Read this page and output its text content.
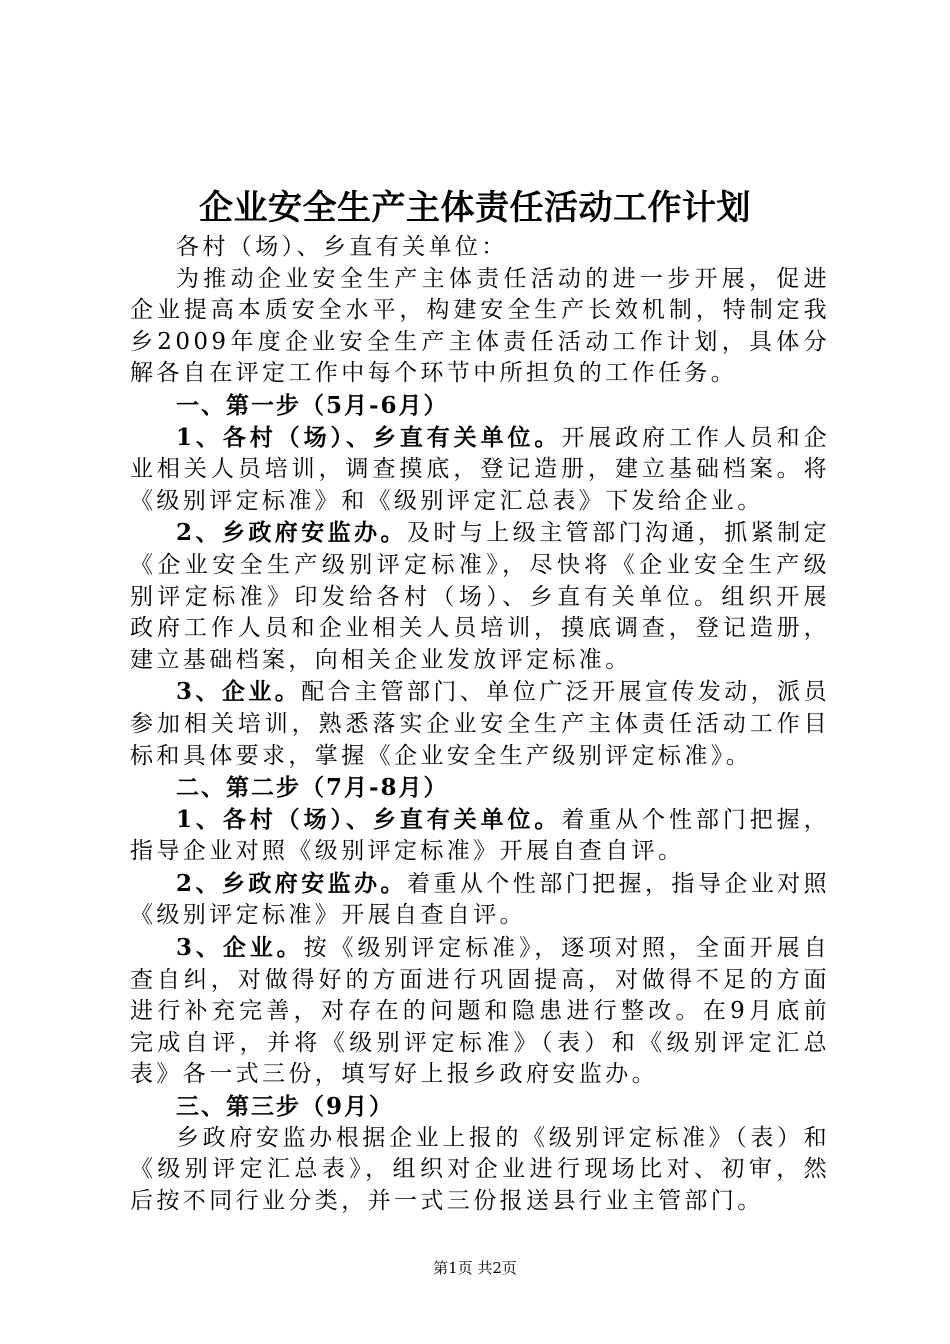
企业安全生产主体责任活动工作计划

各村（场）、乡直有关单位：

为推动企业安全生产主体责任活动的进一步开展，促进企业提高本质安全水平，构建安全生产长效机制，特制定我乡2009年度企业安全生产主体责任活动工作计划，具体分解各自在评定工作中每个环节中所担负的工作任务。

一、第一步（5月-6月）

1、各村（场）、乡直有关单位。开展政府工作人员和企业相关人员培训，调查摸底，登记造册，建立基础档案。将《级别评定标准》和《级别评定汇总表》下发给企业。

2、乡政府安监办。及时与上级主管部门沟通，抓紧制定《企业安全生产级别评定标准》，尽快将《企业安全生产级别评定标准》印发给各村（场）、乡直有关单位。组织开展政府工作人员和企业相关人员培训，摸底调查，登记造册，建立基础档案，向相关企业发放评定标准。

3、企业。配合主管部门、单位广泛开展宣传发动，派员参加相关培训，熟悉落实企业安全生产主体责任活动工作目标和具体要求，掌握《企业安全生产级别评定标准》。

二、第二步（7月-8月）

1、各村（场）、乡直有关单位。着重从个性部门把握，指导企业对照《级别评定标准》开展自查自评。

2、乡政府安监办。着重从个性部门把握，指导企业对照《级别评定标准》开展自查自评。

3、企业。按《级别评定标准》，逐项对照，全面开展自查自纠，对做得好的方面进行巩固提高，对做得不足的方面进行补充完善，对存在的问题和隐患进行整改。在9月底前完成自评，并将《级别评定标准》（表）和《级别评定汇总表》各一式三份，填写好上报乡政府安监办。

三、第三步（9月）

乡政府安监办根据企业上报的《级别评定标准》（表）和《级别评定汇总表》，组织对企业进行现场比对、初审，然后按不同行业分类，并一式三份报送县行业主管部门。

第1页 共2页
